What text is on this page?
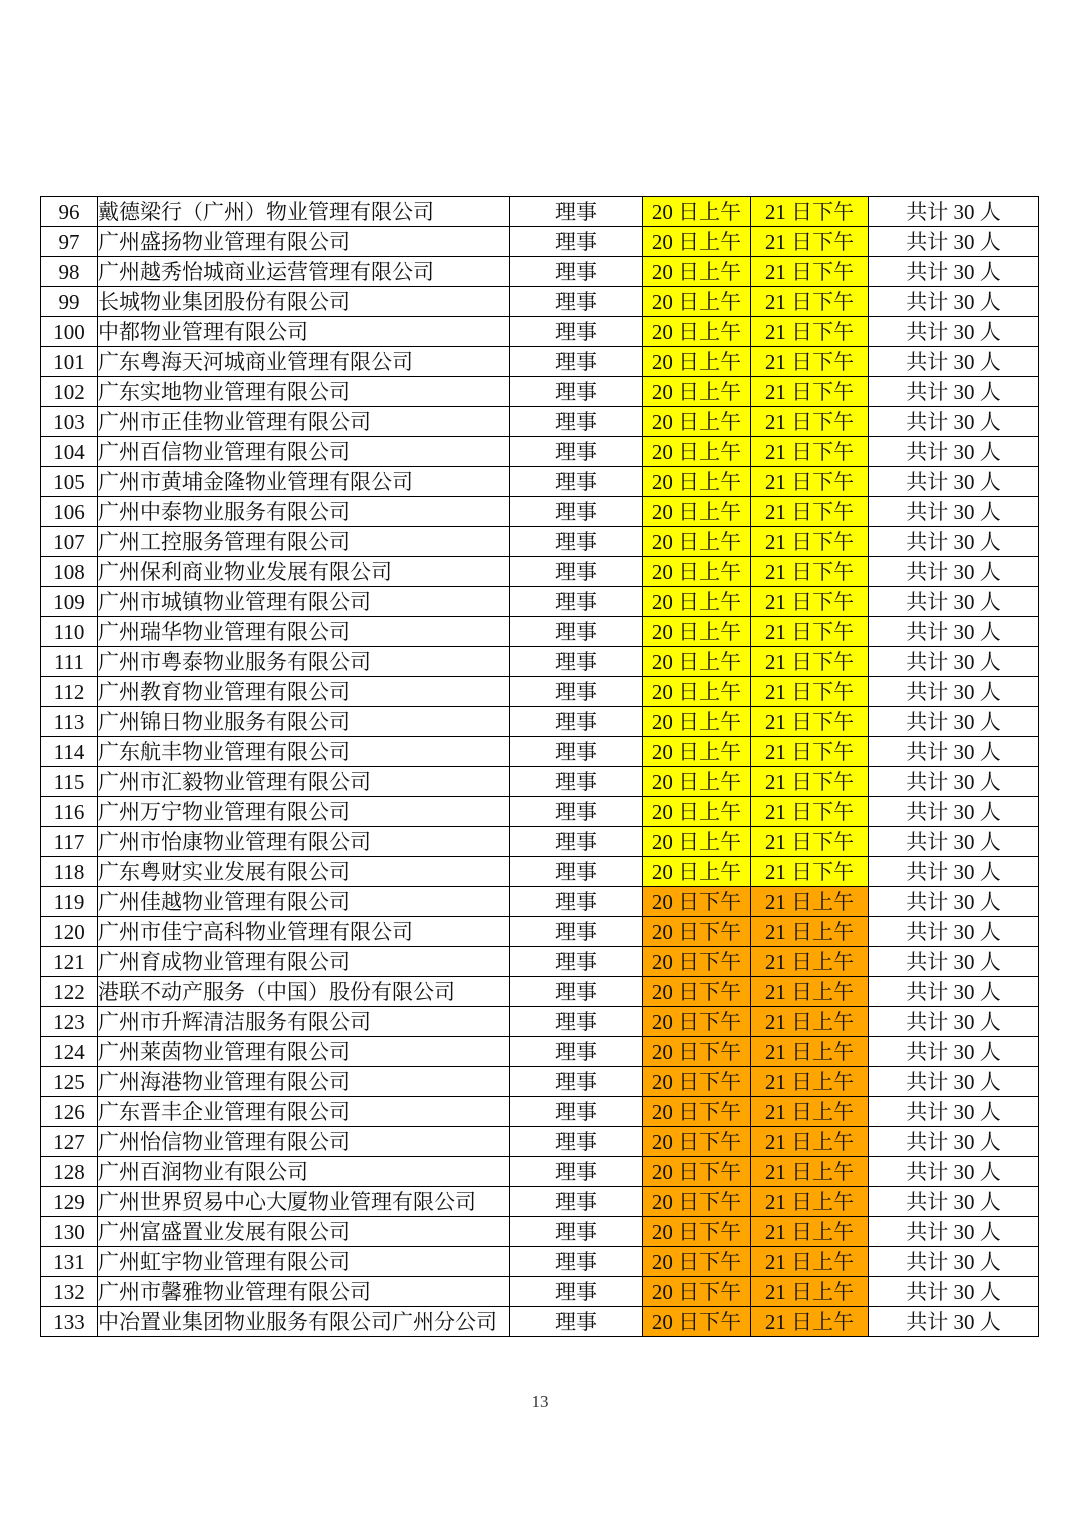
96	戴德梁行（广州）物业管理有限公司	理事	20 日上午	21 日下午	共计 30 人
97	广州盛扬物业管理有限公司	理事	20 日上午	21 日下午	共计 30 人
98	广州越秀怡城商业运营管理有限公司	理事	20 日上午	21 日下午	共计 30 人
99	长城物业集团股份有限公司	理事	20 日上午	21 日下午	共计 30 人
100	中都物业管理有限公司	理事	20 日上午	21 日下午	共计 30 人
101	广东粤海天河城商业管理有限公司	理事	20 日上午	21 日下午	共计 30 人
102	广东实地物业管理有限公司	理事	20 日上午	21 日下午	共计 30 人
103	广州市正佳物业管理有限公司	理事	20 日上午	21 日下午	共计 30 人
104	广州百信物业管理有限公司	理事	20 日上午	21 日下午	共计 30 人
105	广州市黄埔金隆物业管理有限公司	理事	20 日上午	21 日下午	共计 30 人
106	广州中泰物业服务有限公司	理事	20 日上午	21 日下午	共计 30 人
107	广州工控服务管理有限公司	理事	20 日上午	21 日下午	共计 30 人
108	广州保利商业物业发展有限公司	理事	20 日上午	21 日下午	共计 30 人
109	广州市城镇物业管理有限公司	理事	20 日上午	21 日下午	共计 30 人
110	广州瑞华物业管理有限公司	理事	20 日上午	21 日下午	共计 30 人
111	广州市粤泰物业服务有限公司	理事	20 日上午	21 日下午	共计 30 人
112	广州教育物业管理有限公司	理事	20 日上午	21 日下午	共计 30 人
113	广州锦日物业服务有限公司	理事	20 日上午	21 日下午	共计 30 人
114	广东航丰物业管理有限公司	理事	20 日上午	21 日下午	共计 30 人
115	广州市汇毅物业管理有限公司	理事	20 日上午	21 日下午	共计 30 人
116	广州万宁物业管理有限公司	理事	20 日上午	21 日下午	共计 30 人
117	广州市怡康物业管理有限公司	理事	20 日上午	21 日下午	共计 30 人
118	广东粤财实业发展有限公司	理事	20 日上午	21 日下午	共计 30 人
119	广州佳越物业管理有限公司	理事	20 日下午	21 日上午	共计 30 人
120	广州市佳宁高科物业管理有限公司	理事	20 日下午	21 日上午	共计 30 人
121	广州育成物业管理有限公司	理事	20 日下午	21 日上午	共计 30 人
122	港联不动产服务（中国）股份有限公司	理事	20 日下午	21 日上午	共计 30 人
123	广州市升辉清洁服务有限公司	理事	20 日下午	21 日上午	共计 30 人
124	广州莱茵物业管理有限公司	理事	20 日下午	21 日上午	共计 30 人
125	广州海港物业管理有限公司	理事	20 日下午	21 日上午	共计 30 人
126	广东晋丰企业管理有限公司	理事	20 日下午	21 日上午	共计 30 人
127	广州怡信物业管理有限公司	理事	20 日下午	21 日上午	共计 30 人
128	广州百润物业有限公司	理事	20 日下午	21 日上午	共计 30 人
129	广州世界贸易中心大厦物业管理有限公司	理事	20 日下午	21 日上午	共计 30 人
130	广州富盛置业发展有限公司	理事	20 日下午	21 日上午	共计 30 人
131	广州虹宇物业管理有限公司	理事	20 日下午	21 日上午	共计 30 人
132	广州市馨雅物业管理有限公司	理事	20 日下午	21 日上午	共计 30 人
133	中冶置业集团物业服务有限公司广州分公司	理事	20 日下午	21 日上午	共计 30 人
13
